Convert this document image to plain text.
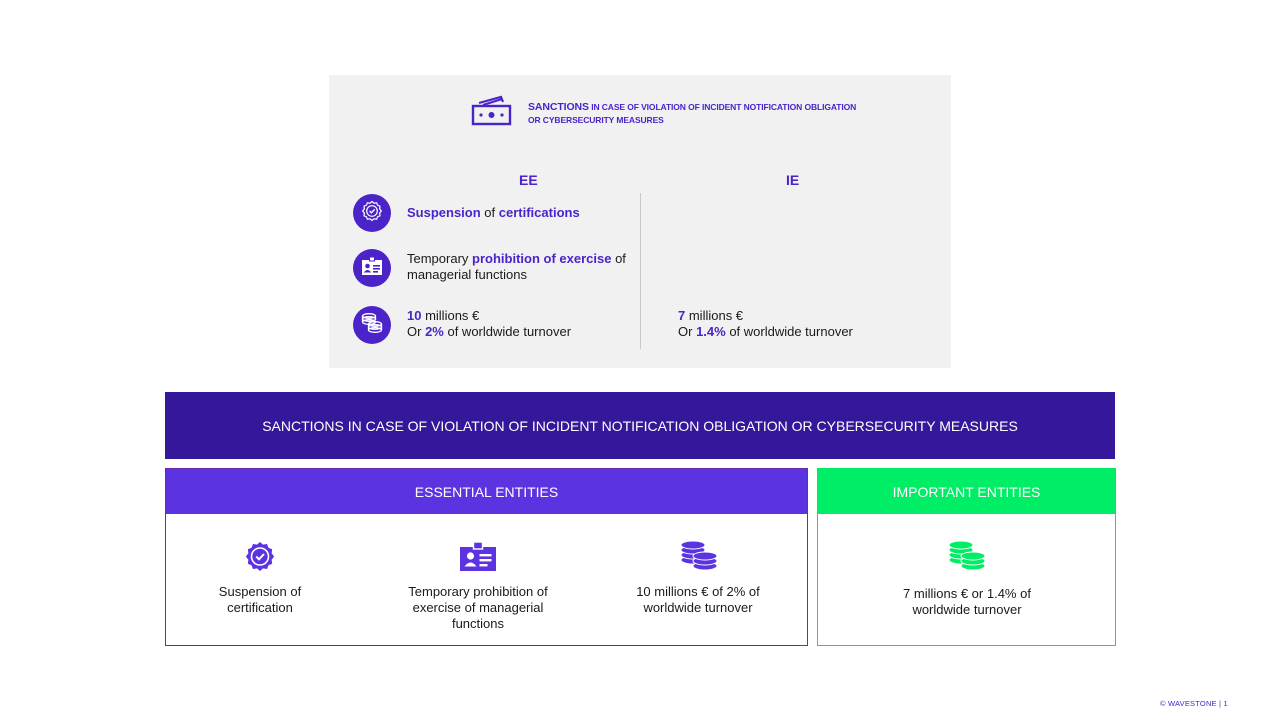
SANCTIONS IN CASE OF VIOLATION OF INCIDENT NOTIFICATION OBLIGATION OR CYBERSECURITY MEASURES
EE	IE
Suspension of certifications
Temporary prohibition of exercise of managerial functions
10 millions €
Or 2% of worldwide turnover
7 millions €
Or 1.4% of worldwide turnover
SANCTIONS IN CASE OF VIOLATION OF INCIDENT NOTIFICATION OBLIGATION OR CYBERSECURITY MEASURES
ESSENTIAL ENTITIES
Suspension of certification
Temporary prohibition of exercise of managerial functions
10 millions € of 2% of worldwide turnover
IMPORTANT ENTITIES
7 millions € or 1.4% of worldwide turnover
© WAVESTONE | 1
